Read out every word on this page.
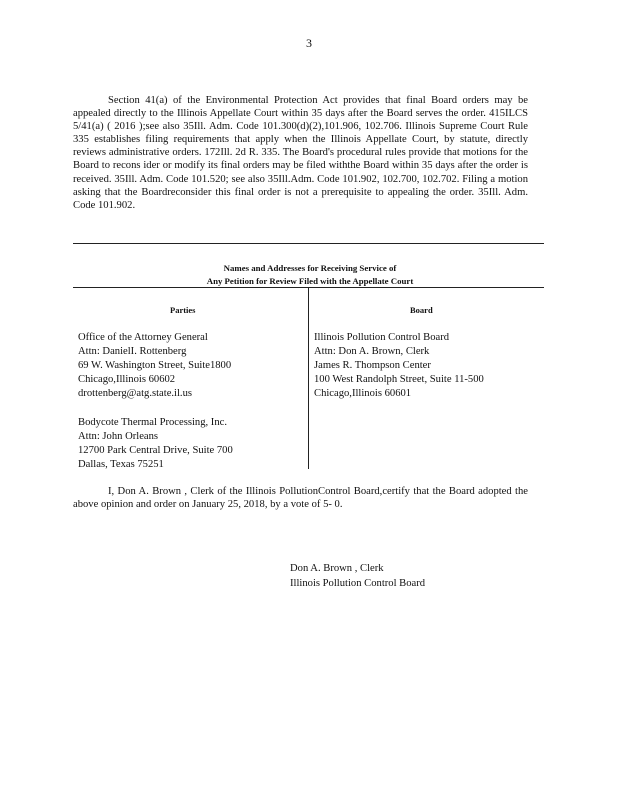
3

Section 41(a) of the Environmental Protection Act provides that final Board orders may be appealed directly to the Illinois Appellate Court within 35 days after the Board serves the order. 415ILCS 5/41(a) ( 2016 );see also 35Ill. Adm. Code 101.300(d)(2),101.906, 102.706. Illinois Supreme Court Rule 335 establishes filing requirements that apply when the Illinois Appellate Court, by statute, directly reviews administrative orders. 172Ill. 2d R. 335. The Board's procedural rules provide that motions for the Board to recons ider or modify its final orders may be filed withthe Board within 35 days after the order is received. 35Ill. Adm. Code 101.520; see also 35Ill.Adm. Code 101.902, 102.700, 102.702. Filing a motion asking that the Boardreconsider this final order is not a prerequisite to appealing the order. 35Ill. Adm. Code 101.902.

Names and Addresses for Receiving Service of
Any Petition for Review Filed with the Appellate Court
Parties	Board
Office of the Attorney General
Attn: DanielI. Rottenberg
69 W. Washington Street, Suite1800
Chicago,Illinois 60602
drottenberg@atg.state.il.us
Bodycote Thermal Processing, Inc.
Attn: John Orleans
12700 Park Central Drive, Suite 700
Dallas, Texas 75251
Illinois Pollution Control Board
Attn: Don A. Brown, Clerk
James R. Thompson Center
100 West Randolph Street, Suite 11-500
Chicago,Illinois 60601

I, Don A. Brown , Clerk of the Illinois PollutionControl Board,certify that the Board adopted the above opinion and order on January 25, 2018, by a vote of 5- 0.

Don A. Brown , Clerk
Illinois Pollution Control Board
